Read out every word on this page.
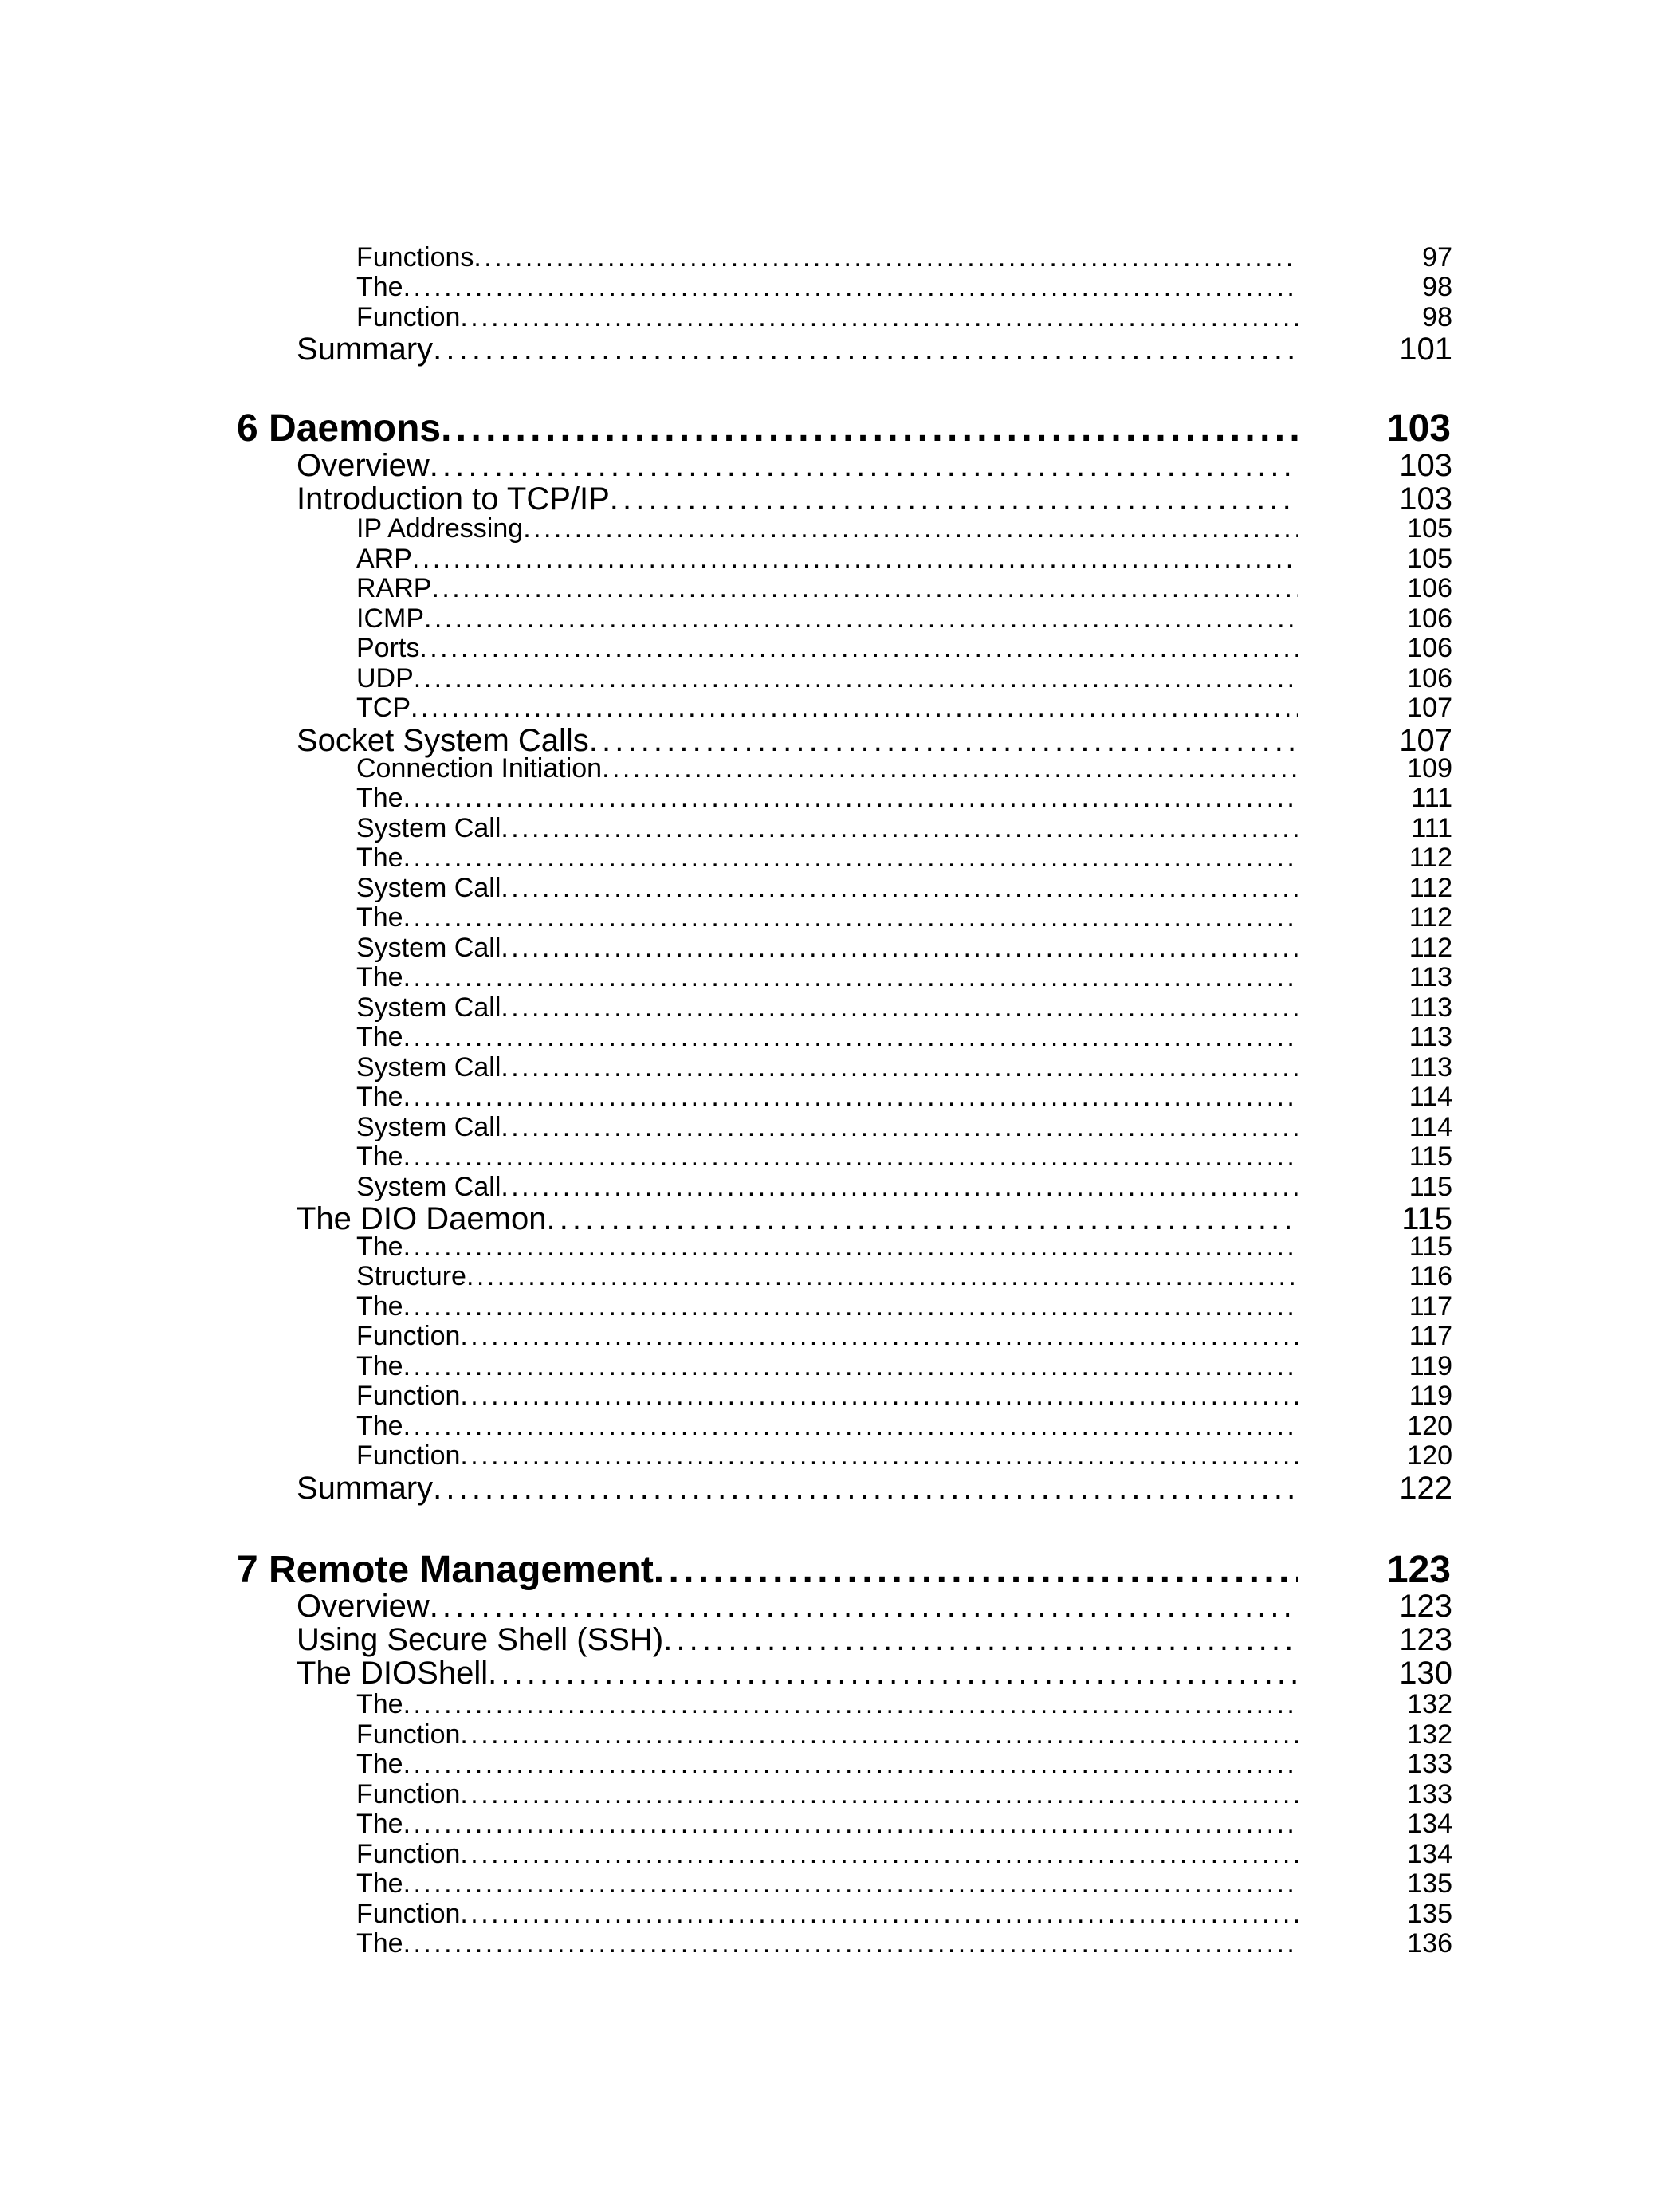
Functions . . .	97
The . . .	98
Function . . .	98
Summary . . .	101
6 Daemons . . .	103
Overview . . .	103
Introduction to TCP/IP . . .	103
IP Addressing . . .	105
ARP . . .	105
RARP . . .	106
ICMP . . .	106
Ports . . .	106
UDP . . .	106
TCP . . .	107
Socket System Calls . . .	107
Connection Initiation . . .	109
The . . .	111
System Call . . .	111
The . . .	112
System Call . . .	112
The . . .	112
System Call . . .	112
The . . .	113
System Call . . .	113
The . . .	113
System Call . . .	113
The . . .	114
System Call . . .	114
The . . .	115
System Call . . .	115
The DIO Daemon . . .	115
The . . .	115
Structure . . .	116
The . . .	117
Function . . .	117
The . . .	119
Function . . .	119
The . . .	120
Function . . .	120
Summary . . .	122
7 Remote Management . . .	123
Overview . . .	123
Using Secure Shell (SSH) . . .	123
The DIOShell . . .	130
The . . .	132
Function . . .	132
The . . .	133
Function . . .	133
The . . .	134
Function . . .	134
The . . .	135
Function . . .	135
The . . .	136
